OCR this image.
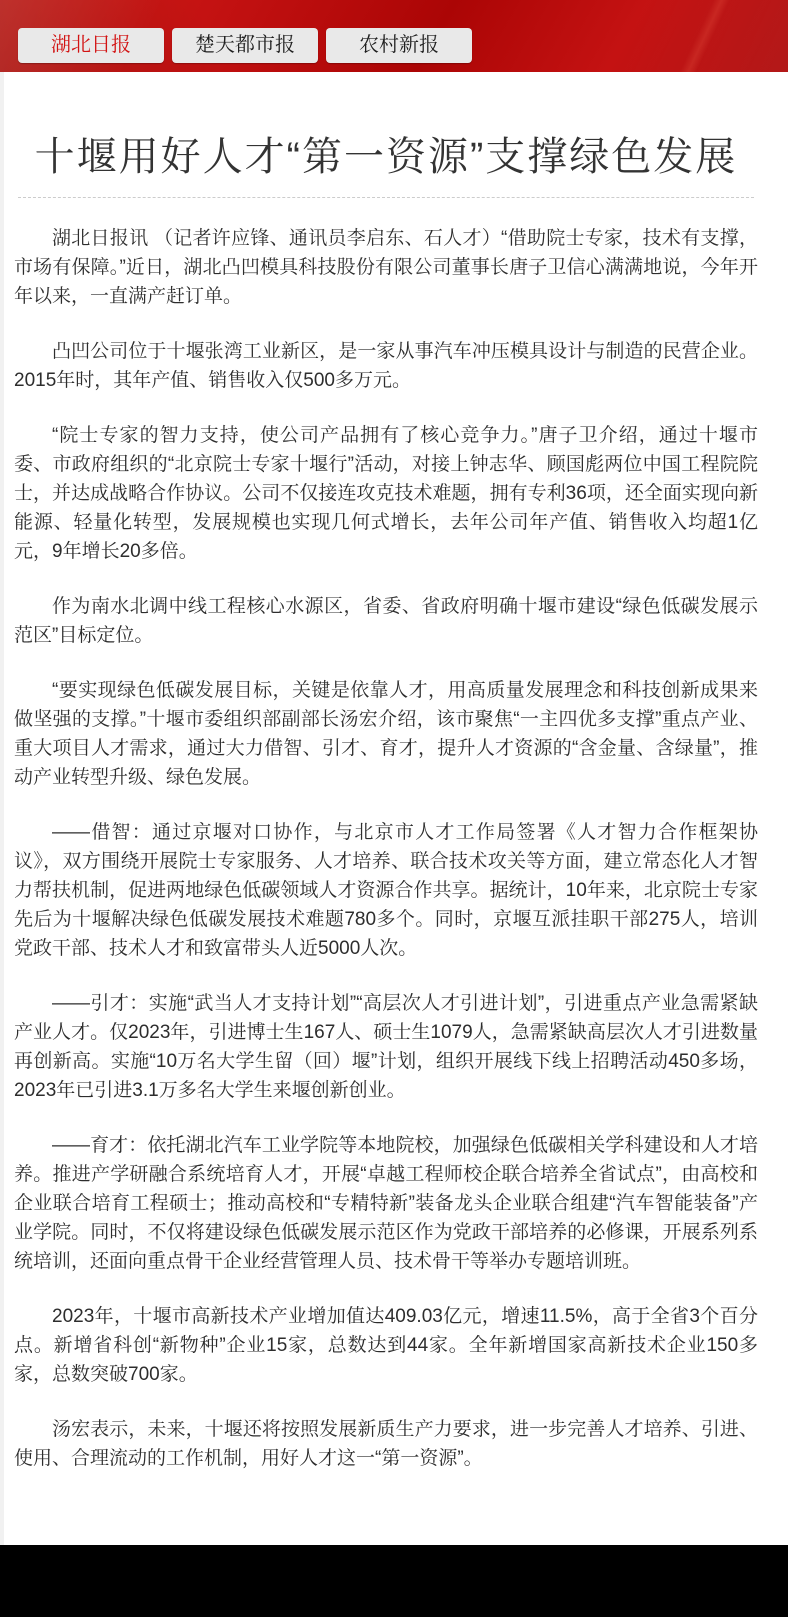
湖北日报	楚天都市报	农村新报
十堰用好人才“第一资源”支撑绿色发展

湖北日报讯 （记者许应锋、通讯员李启东、石人才）“借助院士专家，技术有支撑，市场有保障。”近日，湖北凸凹模具科技股份有限公司董事长唐子卫信心满满地说，今年开年以来，一直满产赶订单。

凸凹公司位于十堰张湾工业新区，是一家从事汽车冲压模具设计与制造的民营企业。2015年时，其年产值、销售收入仅500多万元。

“院士专家的智力支持，使公司产品拥有了核心竞争力。”唐子卫介绍，通过十堰市委、市政府组织的“北京院士专家十堰行”活动，对接上钟志华、顾国彪两位中国工程院院士，并达成战略合作协议。公司不仅接连攻克技术难题，拥有专利36项，还全面实现向新能源、轻量化转型，发展规模也实现几何式增长，去年公司年产值、销售收入均超1亿元，9年增长20多倍。

作为南水北调中线工程核心水源区，省委、省政府明确十堰市建设“绿色低碳发展示范区”目标定位。

“要实现绿色低碳发展目标，关键是依靠人才，用高质量发展理念和科技创新成果来做坚强的支撑。”十堰市委组织部副部长汤宏介绍，该市聚焦“一主四优多支撑”重点产业、重大项目人才需求，通过大力借智、引才、育才，提升人才资源的“含金量、含绿量”，推动产业转型升级、绿色发展。

——借智：通过京堰对口协作，与北京市人才工作局签署《人才智力合作框架协议》，双方围绕开展院士专家服务、人才培养、联合技术攻关等方面，建立常态化人才智力帮扶机制，促进两地绿色低碳领域人才资源合作共享。据统计，10年来，北京院士专家先后为十堰解决绿色低碳发展技术难题780多个。同时，京堰互派挂职干部275人，培训党政干部、技术人才和致富带头人近5000人次。

——引才：实施“武当人才支持计划”“高层次人才引进计划”，引进重点产业急需紧缺产业人才。仅2023年，引进博士生167人、硕士生1079人，急需紧缺高层次人才引进数量再创新高。实施“10万名大学生留（回）堰”计划，组织开展线下线上招聘活动450多场，2023年已引进3.1万多名大学生来堰创新创业。

——育才：依托湖北汽车工业学院等本地院校，加强绿色低碳相关学科建设和人才培养。推进产学研融合系统培育人才，开展“卓越工程师校企联合培养全省试点”，由高校和企业联合培育工程硕士；推动高校和“专精特新”装备龙头企业联合组建“汽车智能装备”产业学院。同时，不仅将建设绿色低碳发展示范区作为党政干部培养的必修课，开展系列系统培训，还面向重点骨干企业经营管理人员、技术骨干等举办专题培训班。

2023年，十堰市高新技术产业增加值达409.03亿元，增速11.5%，高于全省3个百分点。新增省科创“新物种”企业15家，总数达到44家。全年新增国家高新技术企业150多家，总数突破700家。

汤宏表示，未来，十堰还将按照发展新质生产力要求，进一步完善人才培养、引进、使用、合理流动的工作机制，用好人才这一“第一资源”。
